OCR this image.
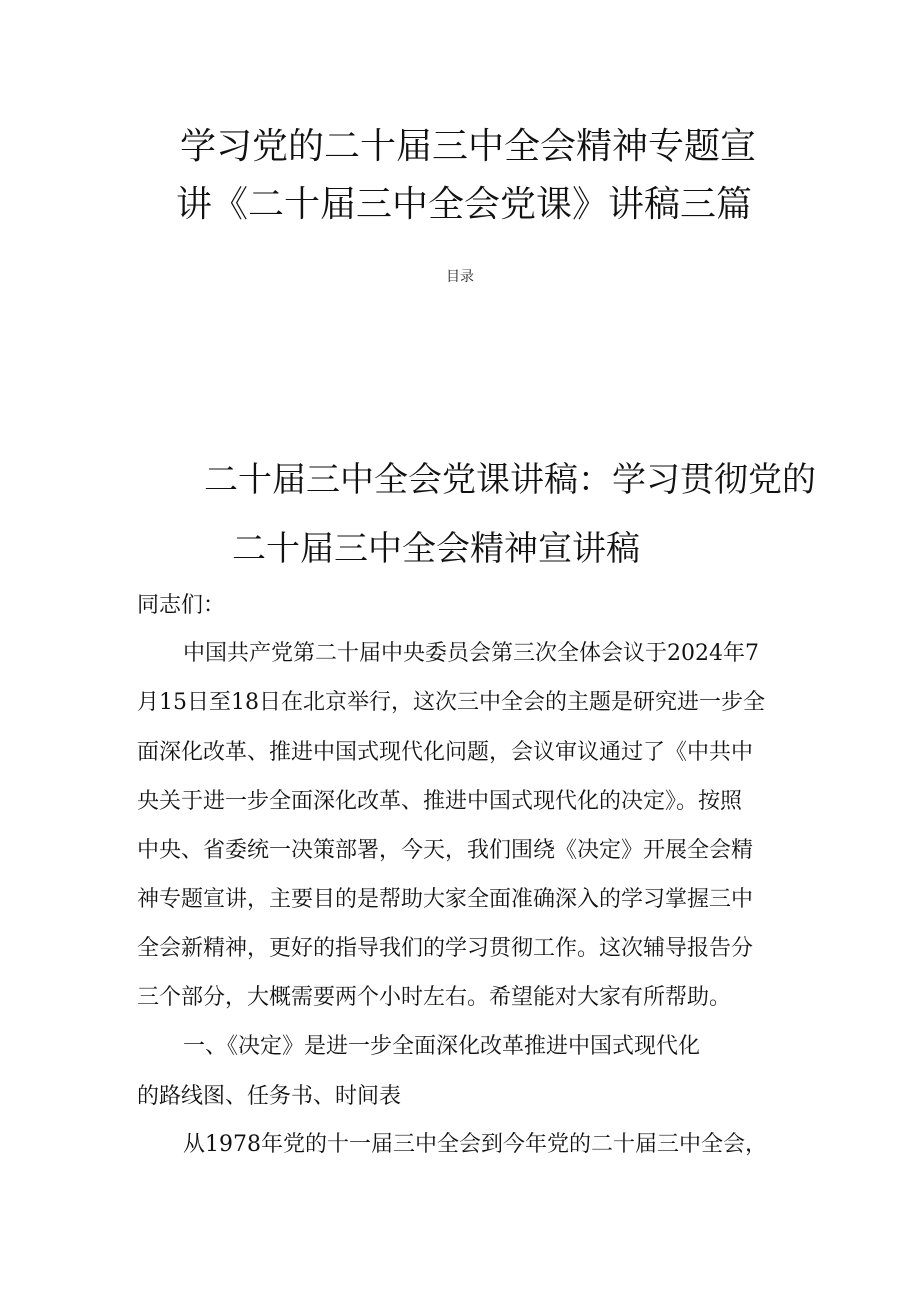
学习党的二十届三中全会精神专题宣
讲《二十届三中全会党课》讲稿三篇
目录
二十届三中全会党课讲稿：学习贯彻党的
二十届三中全会精神宣讲稿
同志们：
中国共产党第二十届中央委员会第三次全体会议于2024年7
月15日至18日在北京举行，这次三中全会的主题是研究进一步全
面深化改革、推进中国式现代化问题，会议审议通过了《中共中
央关于进一步全面深化改革、推进中国式现代化的决定》。按照
中央、省委统一决策部署，今天，我们围绕《决定》开展全会精
神专题宣讲，主要目的是帮助大家全面准确深入的学习掌握三中
全会新精神，更好的指导我们的学习贯彻工作。这次辅导报告分
三个部分，大概需要两个小时左右。希望能对大家有所帮助。
一、《决定》是进一步全面深化改革推进中国式现代化
的路线图、任务书、时间表
从1978年党的十一届三中全会到今年党的二十届三中全会，
